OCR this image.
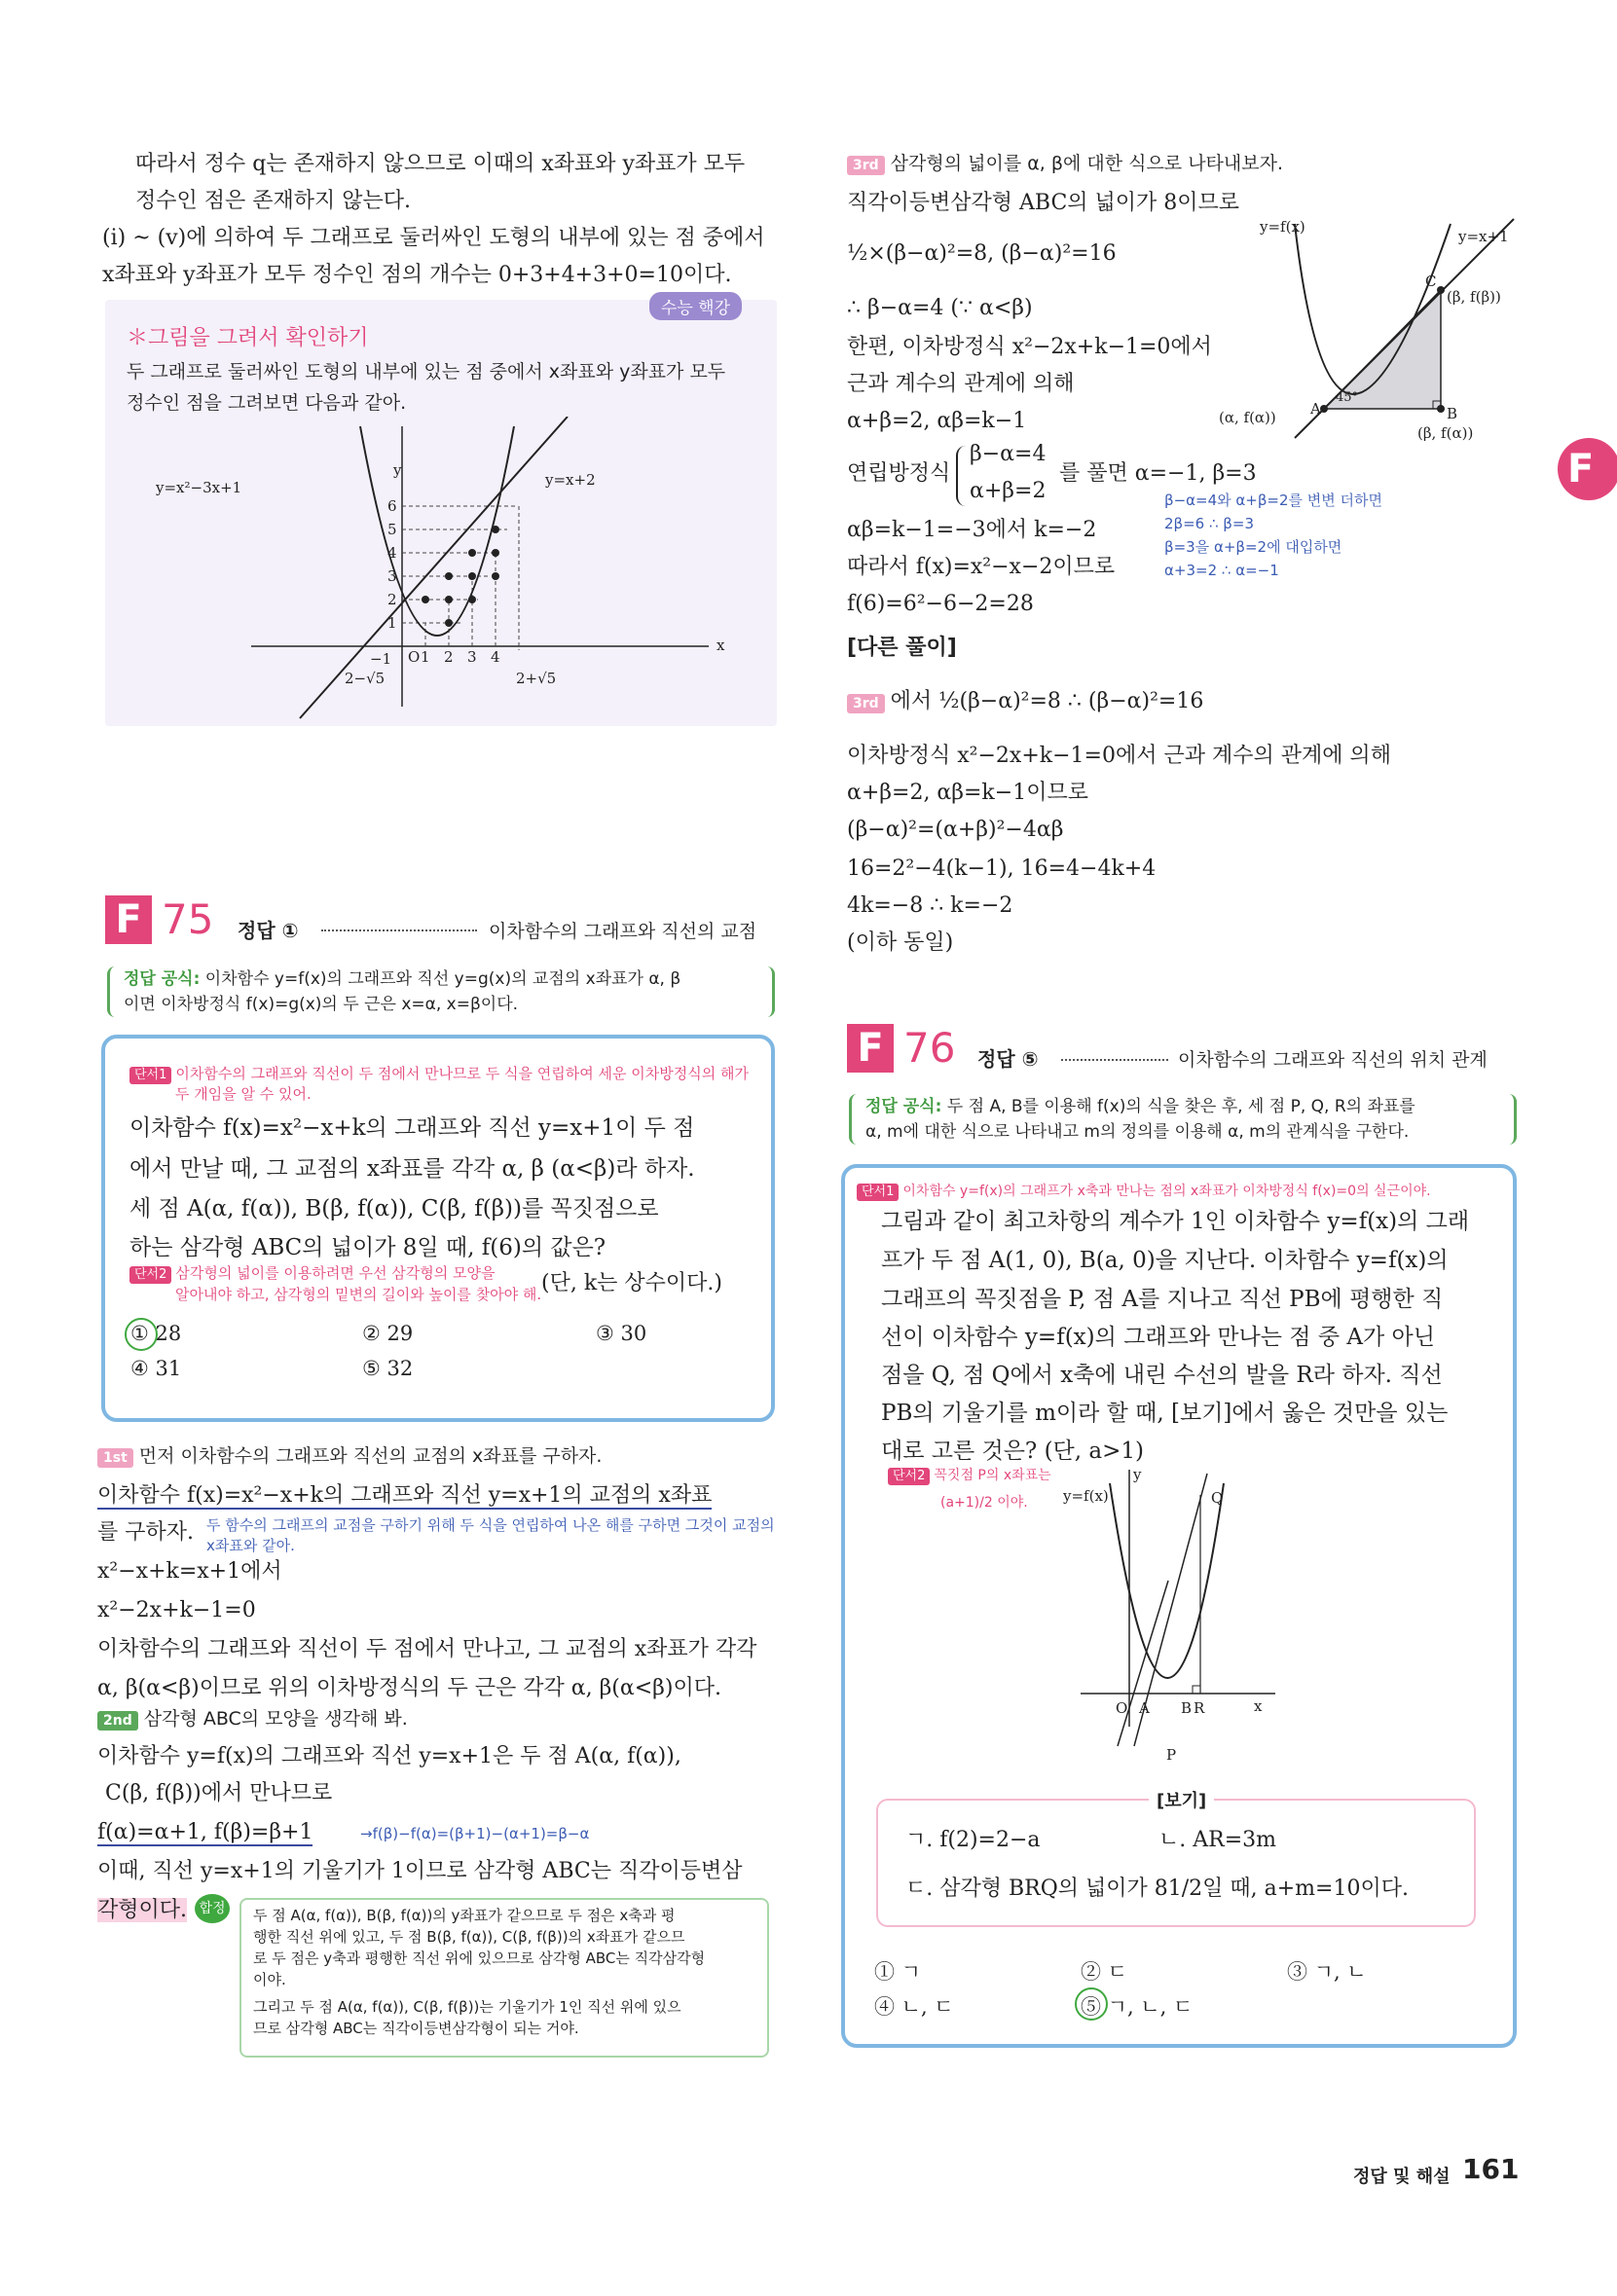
따라서 정수 q는 존재하지 않으므로 이때의 x좌표와 y좌표가 모두
정수인 점은 존재하지 않는다.
(i) ~ (v)에 의하여 두 그래프로 둘러싸인 도형의 내부에 있는 점 중에서
x좌표와 y좌표가 모두 정수인 점의 개수는 0+3+4+3+0=10이다.
수능 핵강
＊그림을 그려서 확인하기
두 그래프로 둘러싸인 도형의 내부에 있는 점 중에서 x좌표와 y좌표가 모두
정수인 점을 그려보면 다음과 같아.
y=x²−3x+1	y=x+2
y
x
O
6
5
4
3
2
1
−1 1 2 3 4
2−√5	2+√5
F 75 정답 ①	이차함수의 그래프와 직선의 교점
정답 공식: 이차함수 y=f(x)의 그래프와 직선 y=g(x)의 교점의 x좌표가 α, β
이면 이차방정식 f(x)=g(x)의 두 근은 x=α, x=β이다.
단서1 이차함수의 그래프와 직선이 두 점에서 만나므로 두 식을 연립하여 세운 이차방정식의 해가
두 개임을 알 수 있어.
이차함수 f(x)=x²−x+k의 그래프와 직선 y=x+1이 두 점
에서 만날 때, 그 교점의 x좌표를 각각 α, β (α<β)라 하자.
세 점 A(α, f(α)), B(β, f(α)), C(β, f(β))를 꼭짓점으로
하는 삼각형 ABC의 넓이가 8일 때, f(6)의 값은?
단서2 삼각형의 넓이를 이용하려면 우선 삼각형의 모양을
알아내야 하고, 삼각형의 밑변의 길이와 높이를 찾아야 해. (단, k는 상수이다.)
① 28	② 29	③ 30
④ 31	⑤ 32
1st 먼저 이차함수의 그래프와 직선의 교점의 x좌표를 구하자.
이차함수 f(x)=x²−x+k의 그래프와 직선 y=x+1의 교점의 x좌표
를 구하자. 두 함수의 그래프의 교점을 구하기 위해 두 식을 연립하여 나온 해를 구하면 그것이 교점의
x좌표와 같아.
x²−x+k=x+1에서
x²−2x+k−1=0
이차함수의 그래프와 직선이 두 점에서 만나고, 그 교점의 x좌표가 각각
α, β(α<β)이므로 위의 이차방정식의 두 근은 각각 α, β(α<β)이다.
2nd 삼각형 ABC의 모양을 생각해 봐.
이차함수 y=f(x)의 그래프와 직선 y=x+1은 두 점 A(α, f(α)),
C(β, f(β))에서 만나므로
f(α)=α+1, f(β)=β+1	→f(β)−f(α)=(β+1)−(α+1)=β−α
이때, 직선 y=x+1의 기울기가 1이므로 삼각형 ABC는 직각이등변삼
각형이다. 합정 두 점 A(α, f(α)), B(β, f(α))의 y좌표가 같으므로 두 점은 x축과 평
행한 직선 위에 있고, 두 점 B(β, f(α)), C(β, f(β))의 x좌표가 같으므
로 두 점은 y축과 평행한 직선 위에 있으므로 삼각형 ABC는 직각삼각형
이야.
그리고 두 점 A(α, f(α)), C(β, f(β))는 기울기가 1인 직선 위에 있으
므로 삼각형 ABC는 직각이등변삼각형이 되는 거야.
3rd 삼각형의 넓이를 α, β에 대한 식으로 나타내보자.
직각이등변삼각형 ABC의 넓이가 8이므로
½×(β−α)²=8, (β−α)²=16
∴ β−α=4 (∵ α<β)
한편, 이차방정식 x²−2x+k−1=0에서
근과 계수의 관계에 의해
α+β=2, αβ=k−1
연립방정식
β−α=4
α+β=2
를 풀면 α=−1, β=3
β−α=4와 α+β=2를 변변 더하면
2β=6 ∴ β=3
β=3을 α+β=2에 대입하면
α+3=2 ∴ α=−1
αβ=k−1=−3에서 k=−2
따라서 f(x)=x²−x−2이므로
f(6)=6²−6−2=28
[다른 풀이]
3rd 에서 ½(β−α)²=8 ∴ (β−α)²=16
이차방정식 x²−2x+k−1=0에서 근과 계수의 관계에 의해
α+β=2, αβ=k−1이므로
(β−α)²=(α+β)²−4αβ
16=2²−4(k−1), 16=4−4k+4
4k=−8 ∴ k=−2
(이하 동일)
y=f(x)
y=x+1
C
(β, f(β))
A
(α, f(α))	B
(β, f(α))
45°
F
F 76 정답 ⑤	이차함수의 그래프와 직선의 위치 관계
정답 공식: 두 점 A, B를 이용해 f(x)의 식을 찾은 후, 세 점 P, Q, R의 좌표를
α, m에 대한 식으로 나타내고 m의 정의를 이용해 α, m의 관계식을 구한다.
단서1 이차함수 y=f(x)의 그래프가 x축과 만나는 점의 x좌표가 이차방정식 f(x)=0의 실근이야.
그림과 같이 최고차항의 계수가 1인 이차함수 y=f(x)의 그래
프가 두 점 A(1, 0), B(a, 0)을 지난다. 이차함수 y=f(x)의
그래프의 꼭짓점을 P, 점 A를 지나고 직선 PB에 평행한 직
선이 이차함수 y=f(x)의 그래프와 만나는 점 중 A가 아닌
점을 Q, 점 Q에서 x축에 내린 수선의 발을 R라 하자. 직선
PB의 기울기를 m이라 할 때, [보기]에서 옳은 것만을 있는
대로 고른 것은? (단, a>1)
단서2 꼭짓점 P의 x좌표는
(a+1)/2 이야. y=f(x)
y
x
O A B R
Q
P
[보기]
ㄱ. f(2)=2−a	ㄴ. AR=3m
ㄷ. 삼각형 BRQ의 넓이가 81/2일 때, a+m=10이다.
① ㄱ	② ㄷ	③ ㄱ, ㄴ
④ ㄴ, ㄷ	⑤ ㄱ, ㄴ, ㄷ
정답 및 해설 161
